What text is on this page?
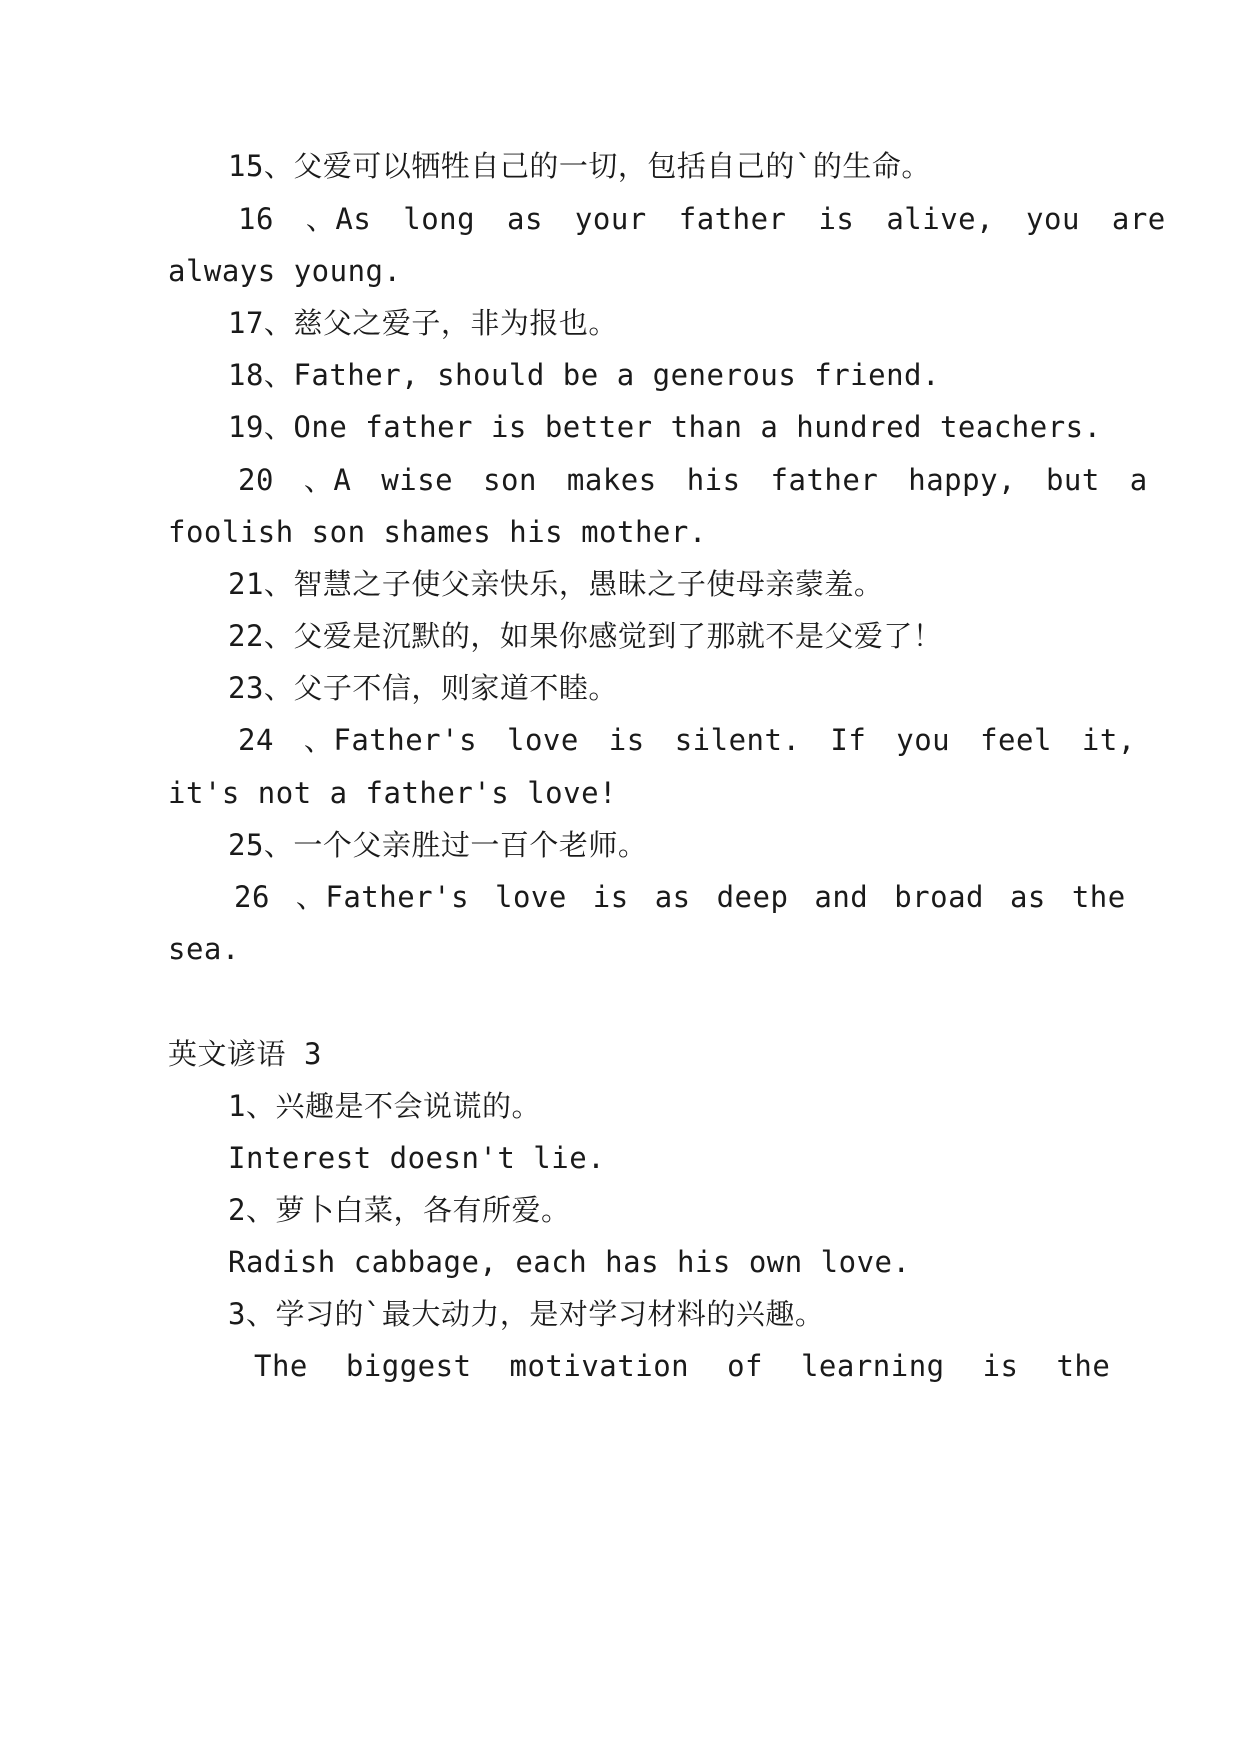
15、父爱可以牺牲自己的一切，包括自己的`的生命。
16 、As long as your father is alive, you are
always young.
17、慈父之爱子，非为报也。
18、Father, should be a generous friend.
19、One father is better than a hundred teachers.
20 、A wise son makes his father happy, but a
foolish son shames his mother.
21、智慧之子使父亲快乐，愚昧之子使母亲蒙羞。
22、父爱是沉默的，如果你感觉到了那就不是父爱了！
23、父子不信，则家道不睦。
24 、Father's love is silent. If you feel it,
it's not a father's love!
25、一个父亲胜过一百个老师。
26 、Father's love is as deep and broad as the
sea.
英文谚语 3
1、兴趣是不会说谎的。
Interest doesn't lie.
2、萝卜白菜，各有所爱。
Radish cabbage, each has his own love.
3、学习的`最大动力，是对学习材料的兴趣。
The biggest motivation of learning is the
